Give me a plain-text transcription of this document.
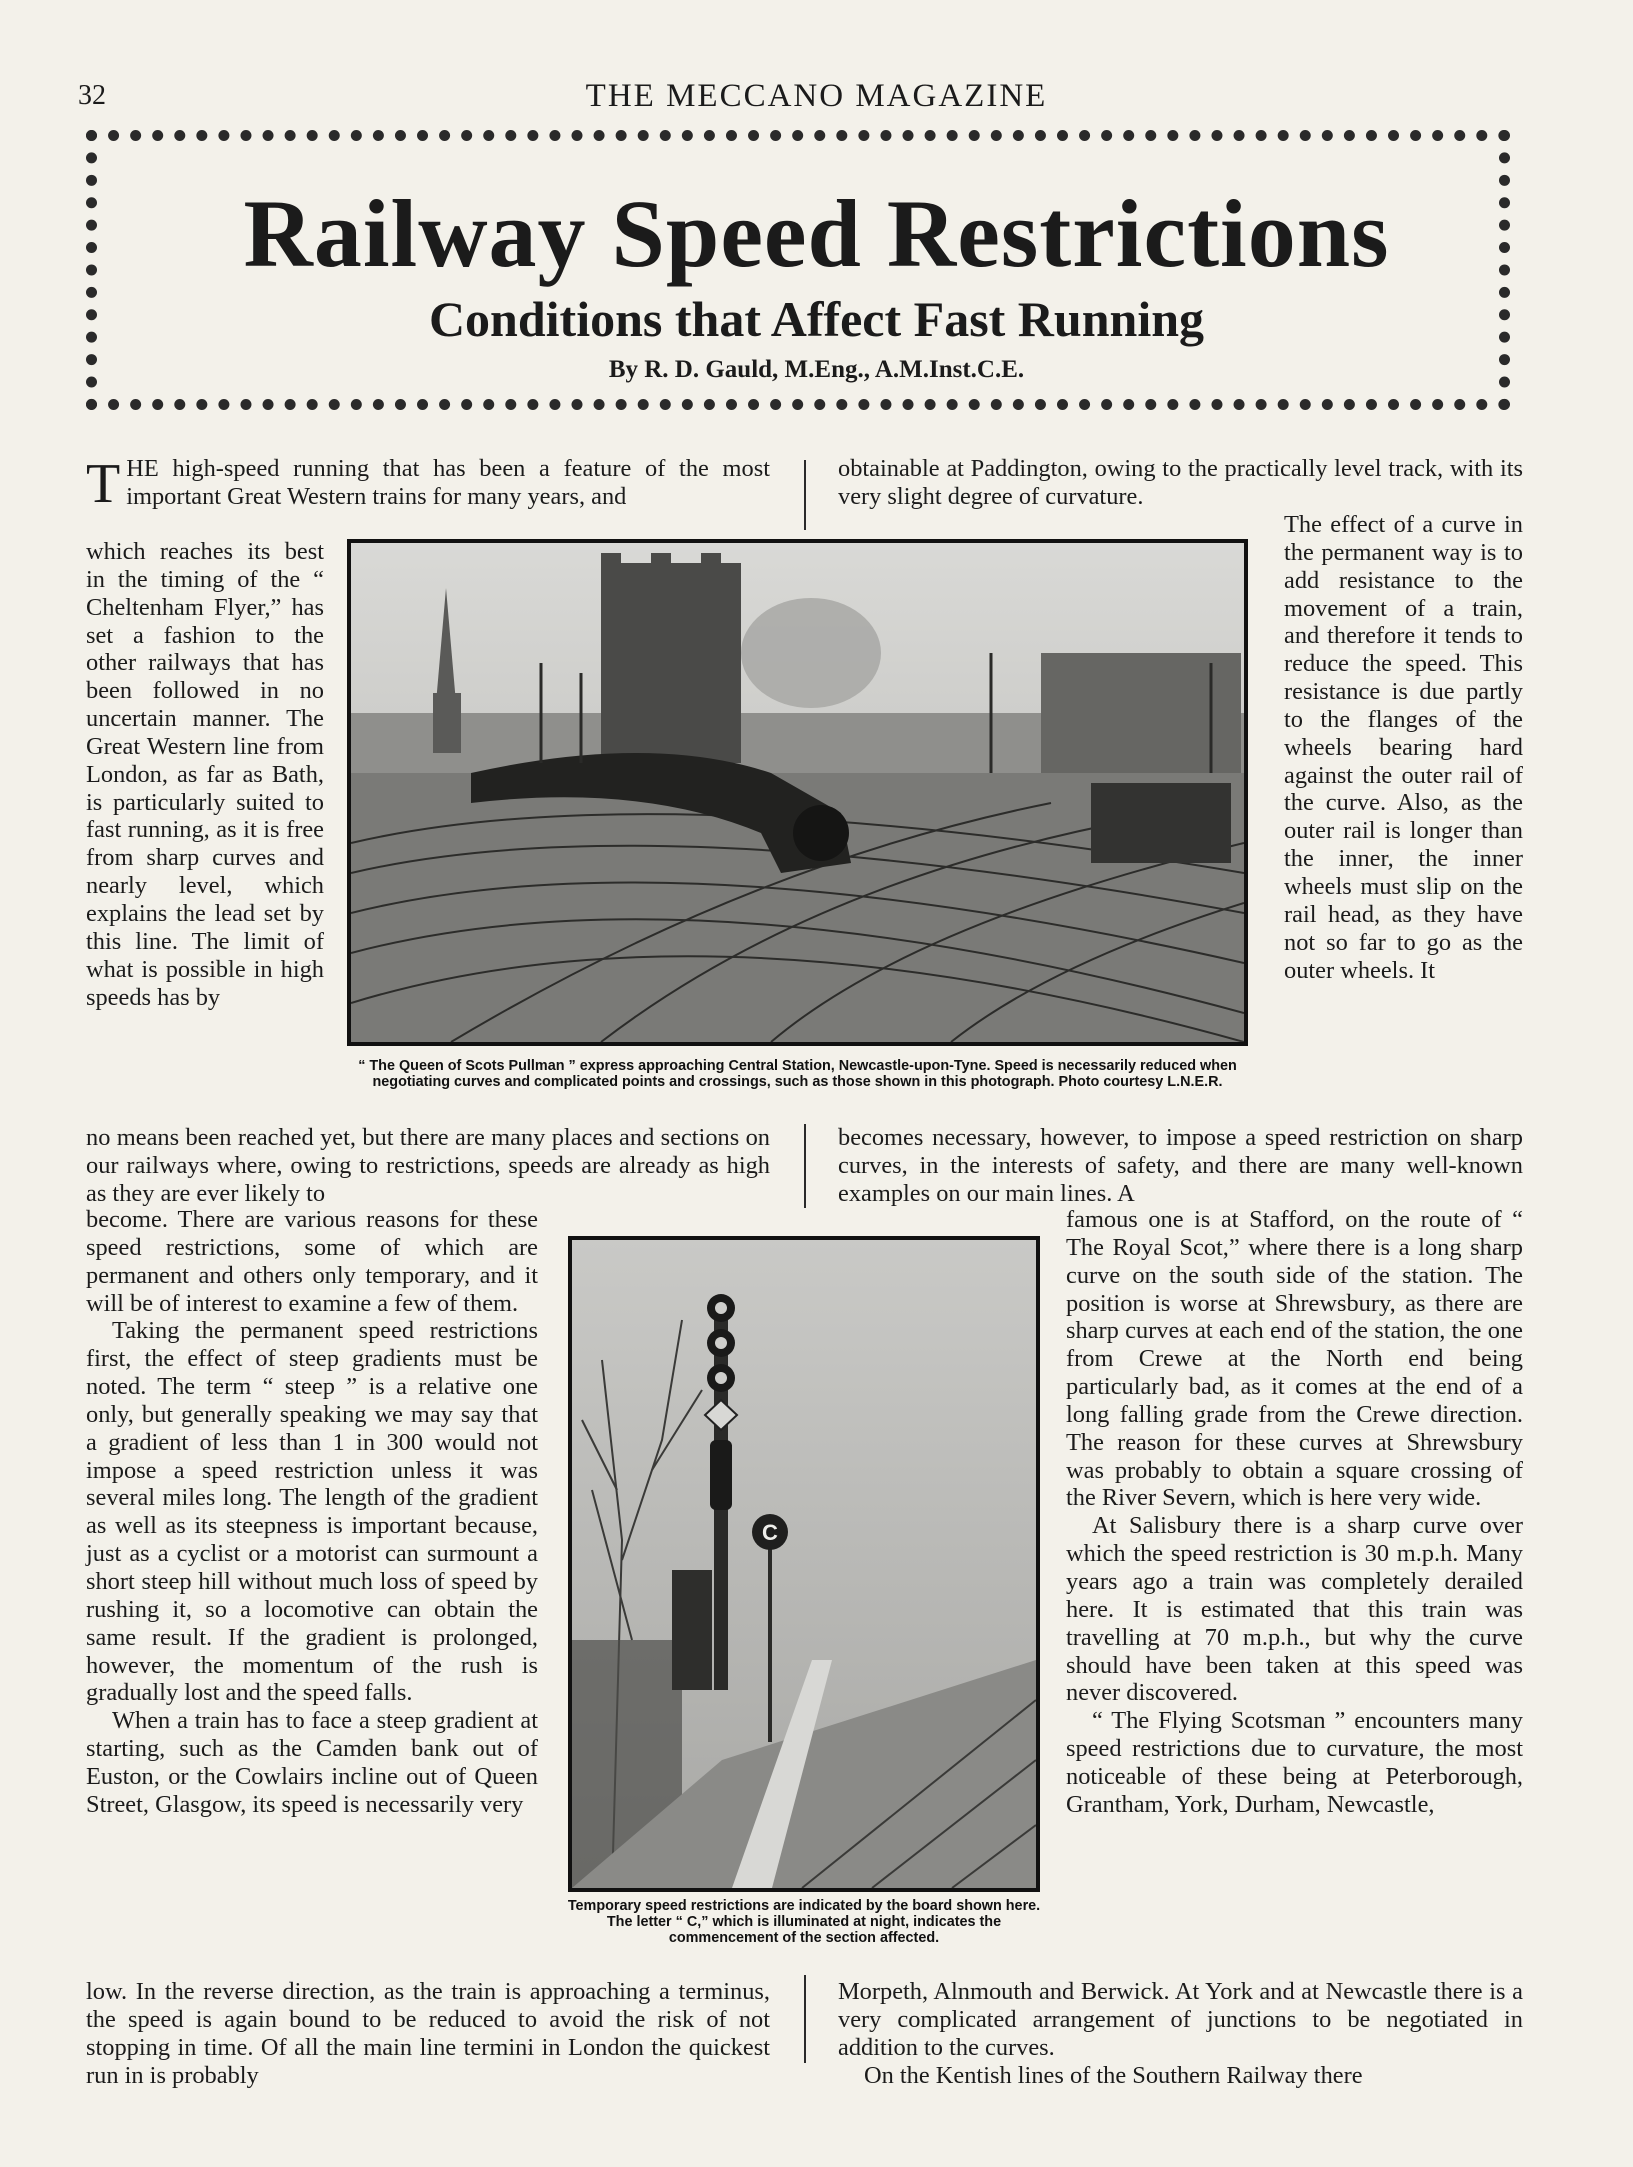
32	THE MECCANO MAGAZINE
Railway Speed Restrictions
Conditions that Affect Fast Running
By R. D. Gauld, M.Eng., A.M.Inst.C.E.
THE high-speed running that has been a feature of the most important Great Western trains for many years, and
which reaches its best in the timing of the “ Cheltenham Flyer,” has set a fashion to the other railways that has been followed in no uncertain manner. The Great Western line from London, as far as Bath, is particularly suited to fast running, as it is free from sharp curves and nearly level, which explains the lead set by this line. The limit of what is possible in high speeds has by
“ The Queen of Scots Pullman ” express approaching Central Station, Newcastle-upon-Tyne. Speed is necessarily reduced when negotiating curves and complicated points and crossings, such as those shown in this photograph. Photo courtesy L.N.E.R.
obtainable at Paddington, owing to the practically level track, with its very slight degree of curvature.
The effect of a curve in the permanent way is to add resistance to the movement of a train, and therefore it tends to reduce the speed. This resistance is due partly to the flanges of the wheels bearing hard against the outer rail of the curve. Also, as the outer rail is longer than the inner, the inner wheels must slip on the rail head, as they have not so far to go as the outer wheels. It
no means been reached yet, but there are many places and sections on our railways where, owing to restrictions, speeds are already as high as they are ever likely to
becomes necessary, however, to impose a speed restriction on sharp curves, in the interests of safety, and there are many well-known examples on our main lines. A

become. There are various reasons for these speed restrictions, some of which are permanent and others only temporary, and it will be of interest to examine a few of them.

Taking the permanent speed restrictions first, the effect of steep gradients must be noted. The term “ steep ” is a relative one only, but generally speaking we may say that a gradient of less than 1 in 300 would not impose a speed restriction unless it was several miles long. The length of the gradient as well as its steepness is important because, just as a cyclist or a motorist can surmount a short steep hill without much loss of speed by rushing it, so a locomotive can obtain the same result. If the gradient is prolonged, however, the momentum of the rush is gradually lost and the speed falls.

When a train has to face a steep gradient at starting, such as the Camden bank out of Euston, or the Cowlairs incline out of Queen Street, Glasgow, its speed is necessarily very

C
Temporary speed restrictions are indicated by the board shown here. The letter “ C,” which is illuminated at night, indicates the commencement of the section affected.

famous one is at Stafford, on the route of “ The Royal Scot,” where there is a long sharp curve on the south side of the station. The position is worse at Shrewsbury, as there are sharp curves at each end of the station, the one from Crewe at the North end being particularly bad, as it comes at the end of a long falling grade from the Crewe direction. The reason for these curves at Shrewsbury was probably to obtain a square crossing of the River Severn, which is here very wide.

At Salisbury there is a sharp curve over which the speed restriction is 30 m.p.h. Many years ago a train was completely derailed here. It is estimated that this train was travelling at 70 m.p.h., but why the curve should have been taken at this speed was never discovered.

“ The Flying Scotsman ” encounters many speed restrictions due to curvature, the most noticeable of these being at Peterborough, Grantham, York, Durham, Newcastle,

low. In the reverse direction, as the train is approaching a terminus, the speed is again bound to be reduced to avoid the risk of not stopping in time. Of all the main line termini in London the quickest run in is probably

Morpeth, Alnmouth and Berwick. At York and at Newcastle there is a very complicated arrangement of junctions to be negotiated in addition to the curves.

On the Kentish lines of the Southern Railway there
